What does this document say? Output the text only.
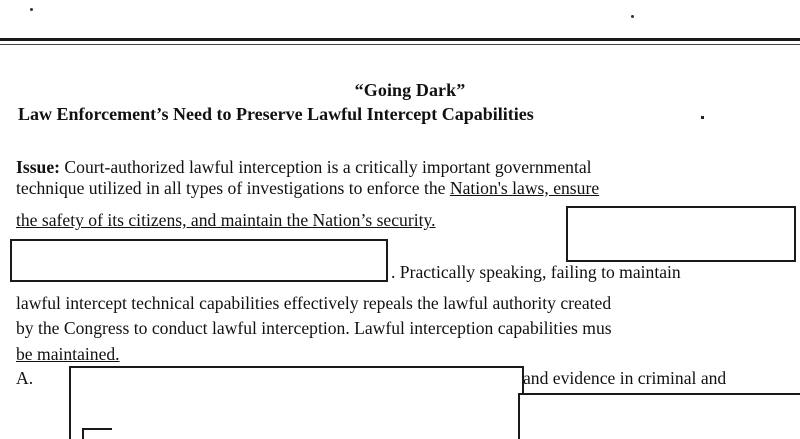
“Going Dark”
Law Enforcement’s Need to Preserve Lawful Intercept Capabilities
Issue: Court-authorized lawful interception is a critically important governmental
technique utilized in all types of investigations to enforce the Nation's laws, ensure
the safety of its citizens, and maintain the Nation’s security.
. Practically speaking, failing to maintain
lawful intercept technical capabilities effectively repeals the lawful authority created
by the Congress to conduct lawful interception. Lawful interception capabilities mus
be maintained.
A.	and evidence in criminal and
